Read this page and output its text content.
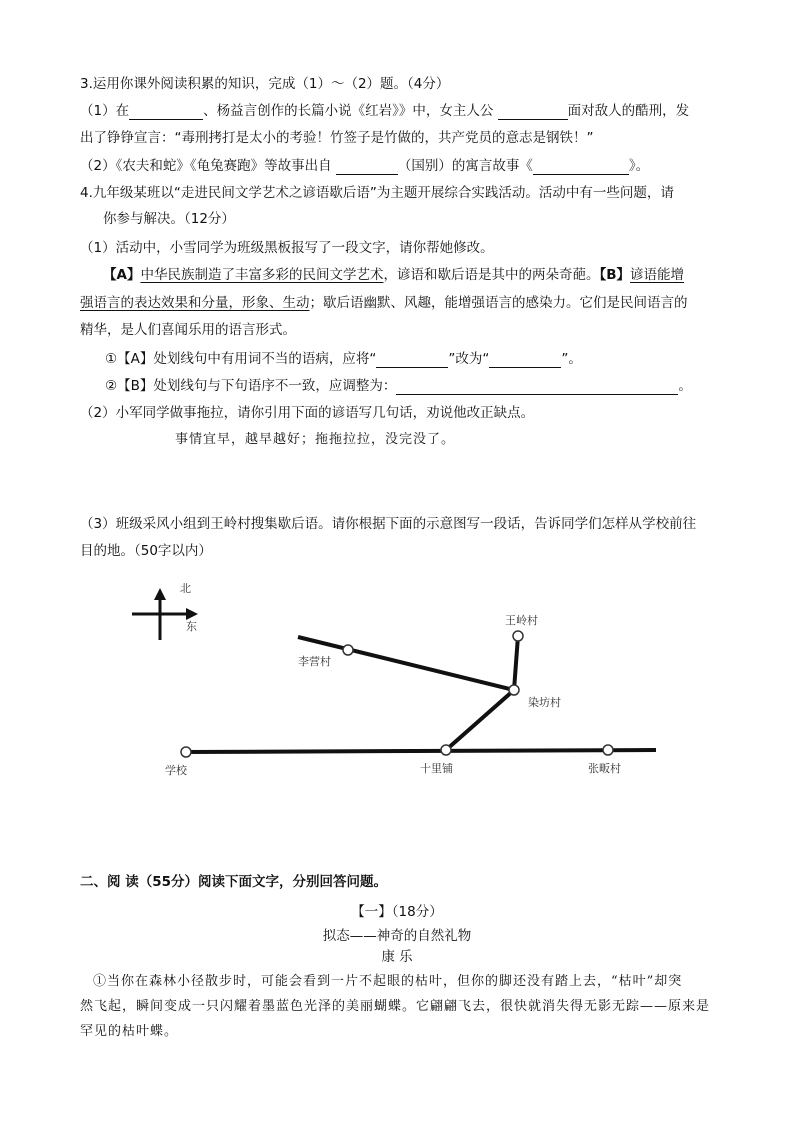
3.运用你课外阅读积累的知识，完成（1）～（2）题。（4分）
（1）在	、杨益言创作的长篇小说《红岩》》中，女主人公	面对敌人的酷刑，发
出了铮铮宣言：“毒刑拷打是太小的考验！竹签子是竹做的，共产党员的意志是钢铁！”
（2）《农夫和蛇》《龟兔赛跑》等故事出自	（国别）的寓言故事《	》。
4.九年级某班以“走进民间文学艺术之谚语歇后语”为主题开展综合实践活动。活动中有一些问题，请
你参与解决。（12分）
（1）活动中，小雪同学为班级黑板报写了一段文字，请你帮她修改。
【A】中华民族制造了丰富多彩的民间文学艺术，谚语和歇后语是其中的两朵奇葩。【B】谚语能增
强语言的表达效果和分量，形象、生动；歇后语幽默、风趣，能增强语言的感染力。它们是民间语言的
精华，是人们喜闻乐用的语言形式。
①【A】处划线句中有用词不当的语病，应将“	”改为“	”。
②【B】处划线句与下句语序不一致，应调整为：	。
（2）小军同学做事拖拉，请你引用下面的谚语写几句话，劝说他改正缺点。
事情宜早，越早越好；拖拖拉拉，没完没了。
（3）班级采风小组到王岭村搜集歇后语。请你根据下面的示意图写一段话，告诉同学们怎样从学校前往
目的地。（50字以内）
北
东
学校	十里铺	张畈村
染坊村
王岭村
李营村
二、阅 读（55分）阅读下面文字，分别回答问题。
【一】（18分）
拟态——神奇的自然礼物
康 乐
①当你在森林小径散步时，可能会看到一片不起眼的枯叶，但你的脚还没有踏上去，“枯叶”却突
然飞起，瞬间变成一只闪耀着墨蓝色光泽的美丽蝴蝶。它翩翩飞去，很快就消失得无影无踪——原来是
罕见的枯叶蝶。
